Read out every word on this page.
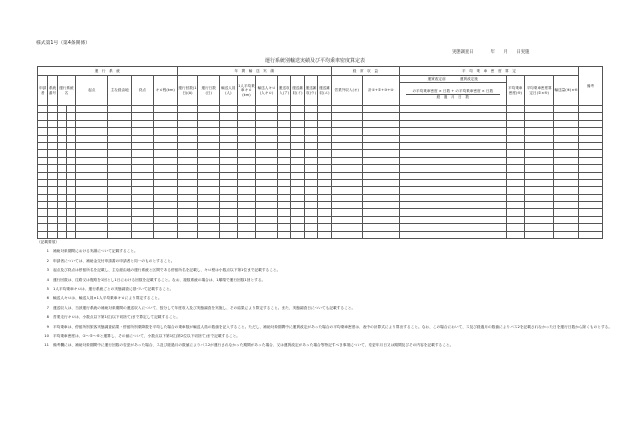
様式第1号（第4条関係）
実態調査日　　　　年　　月　　日実施
運行系統別輸送実績及び平均乗車密度算定表
運　行　系　統								年　間　輸　送　実　績									経　常　収　益		平　均　乗　車　密　度　算　定				備考
申請者	系統番号	運行系統名		起点	主な経由地	終点	キロ程(km)	運行回数(1日)(A)	運行日数(日)	輸送人員(人)	1人平均乗車キロ(km)	輸送人キロ(人キロ)	運送収入(ア)	運送雑収(イ)	運送雑収(ウ)	運送雑収(エ)	営業外収入(オ)	計①+②+③+④	運賃改定前　　　　運賃改定後　	平均乗車密度(⑤)	平均乗車密度算定日(②×⑤)	輸送量(⑥)×⑥	

																			の平均乗車密度 × 日数 + の平均乗車密度 × 日数
経　過　月　日　数				

（記載要領）
1 補助対象期間における実績について記載すること。
2 申請者については、補助金交付申請書の申請者と同一のものとすること。
3 起点及び終点は停留所名を記載し、主な経由地の運行系統と区間である停留所名を記載し、キロ程は小数点以下第1位まで記載すること。
4 運行回数は、往路又は復路を1回とし1日における回数を記載すること。なお、複数系統の場合は、1順環で運行回数1回とする。
5 1人平均乗車キロは、運行系統ごとの実態調査に基づいて記載すること。
6 輸送人キロは、輸送人員×1人平均乗車キロにより算定すること。
7 運送収入は、当該運行系統の補助対象期間の運送収入について、按分して年度収入及び実態調査を実施し、その結果により算定すること。また、実態調査日についても記載すること。
8 営業走行キロは、小数点以下第1位(以下切捨て)まで算定して記載すること。
9 平均乗車は、停留所別旅客実態調査結果・停留所別乗降数を平均した場合の乗車数が輸送人員の数値を記入すること。ただし、補助対象期間中に運賃改定があった場合の平均乗車密度は、表中の計算式により算出すること。なお、この場合において、ス及び経過月の数値によりバス2を記載されなかった日を運行日数から除くものとする。
10 平均乗車密度は、①～⑤～⑥と運算し、その値について、小数点以下第1位(第2位以下切捨て)まで記載すること。
11 備考欄には、補助対象期間中に運行回数の変更があった場合、ス及び経過月の数値によりバス2が運行されなかった期間があった場合、又は運賃改定があった場合等特記すべき事項について、変更年月日又は期間及びその内容を記載すること。
